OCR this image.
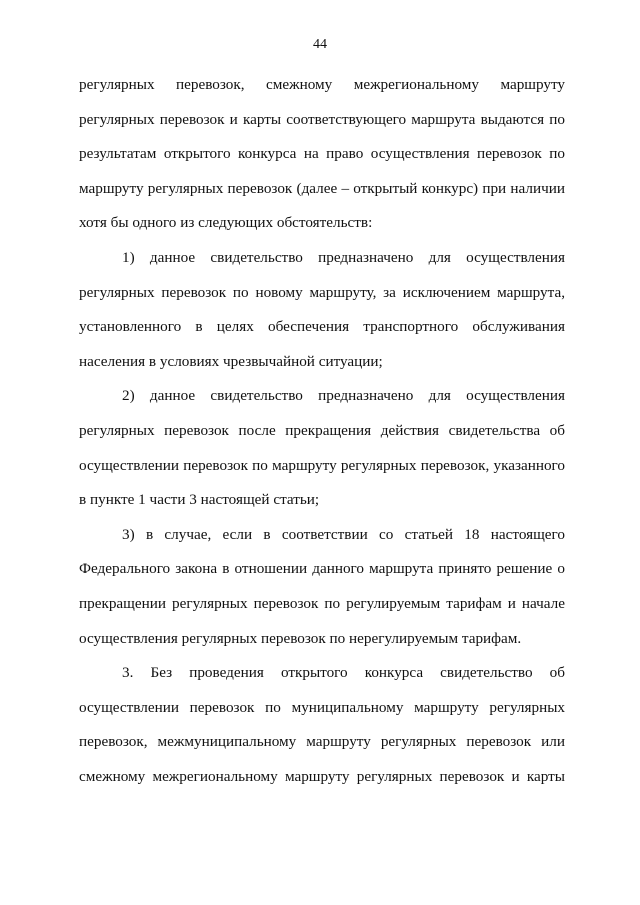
44
регулярных перевозок, смежному межрегиональному маршруту
регулярных перевозок и карты соответствующего маршрута выдаются по
результатам открытого конкурса на право осуществления перевозок по
маршруту регулярных перевозок (далее – открытый конкурс) при наличии
хотя бы одного из следующих обстоятельств:
1) данное свидетельство предназначено для осуществления
регулярных перевозок по новому маршруту, за исключением маршрута,
установленного в целях обеспечения транспортного обслуживания
населения в условиях чрезвычайной ситуации;
2) данное свидетельство предназначено для осуществления
регулярных перевозок после прекращения действия свидетельства об
осуществлении перевозок по маршруту регулярных перевозок, указанного
в пункте 1 части 3 настоящей статьи;
3) в случае, если в соответствии со статьей 18 настоящего
Федерального закона в отношении данного маршрута принято решение о
прекращении регулярных перевозок по регулируемым тарифам и начале
осуществления регулярных перевозок по нерегулируемым тарифам.
3. Без проведения открытого конкурса свидетельство об
осуществлении перевозок по муниципальному маршруту регулярных
перевозок, межмуниципальному маршруту регулярных перевозок или
смежному межрегиональному маршруту регулярных перевозок и карты
